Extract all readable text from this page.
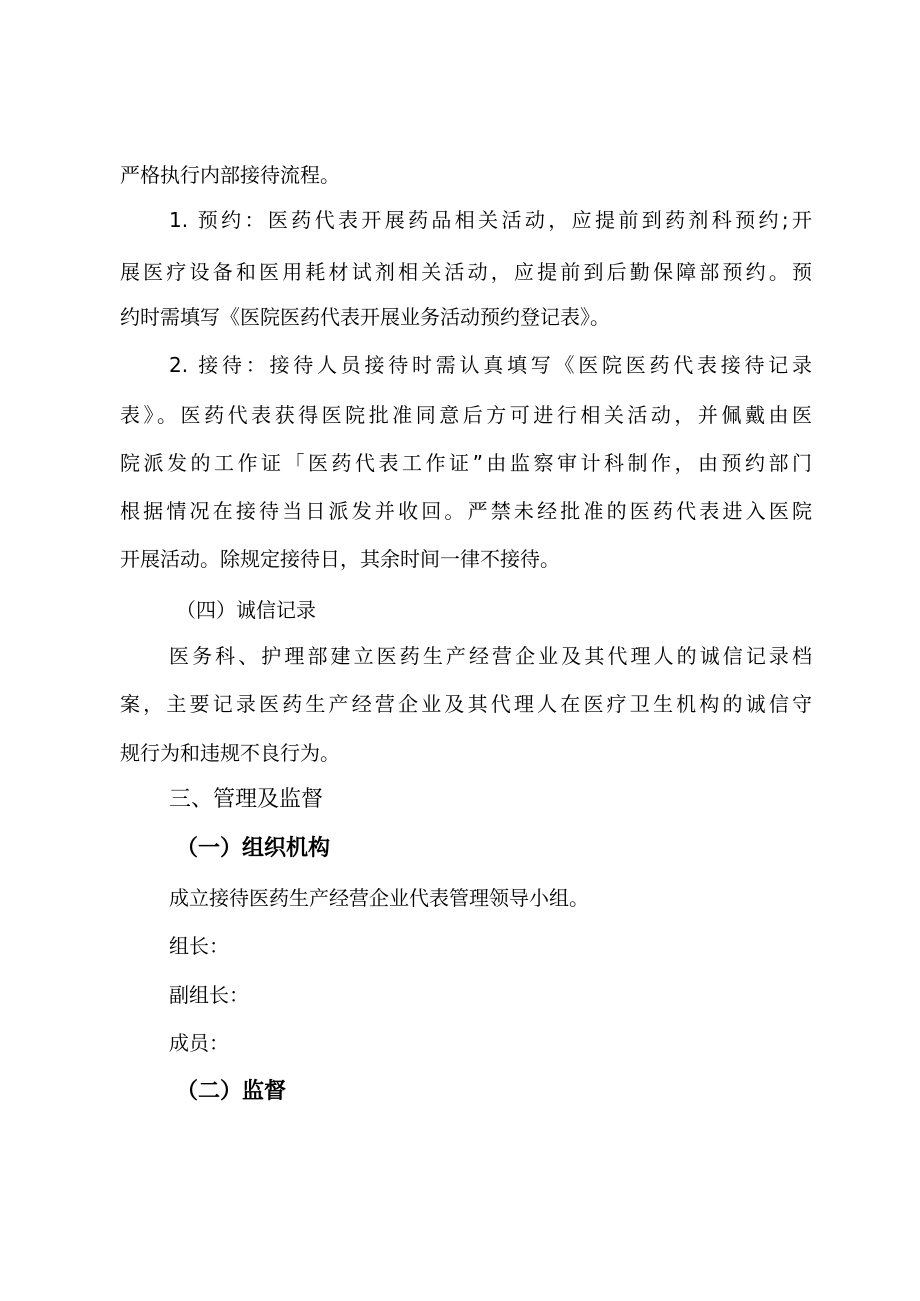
严格执行内部接待流程。
1. 预约：医药代表开展药品相关活动，应提前到药剂科预约;开
展医疗设备和医用耗材试剂相关活动，应提前到后勤保障部预约。预
约时需填写《医院医药代表开展业务活动预约登记表》。
2. 接待：接待人员接待时需认真填写《医院医药代表接待记录
表》。医药代表获得医院批准同意后方可进行相关活动，并佩戴由医
院派发的工作证「医药代表工作证”由监察审计科制作，由预约部门
根据情况在接待当日派发并收回。严禁未经批准的医药代表进入医院
开展活动。除规定接待日，其余时间一律不接待。
（四）诚信记录
医务科、护理部建立医药生产经营企业及其代理人的诚信记录档
案，主要记录医药生产经营企业及其代理人在医疗卫生机构的诚信守
规行为和违规不良行为。
三、管理及监督
（一）组织机构
成立接待医药生产经营企业代表管理领导小组。
组长：
副组长：
成员：
（二）监督
